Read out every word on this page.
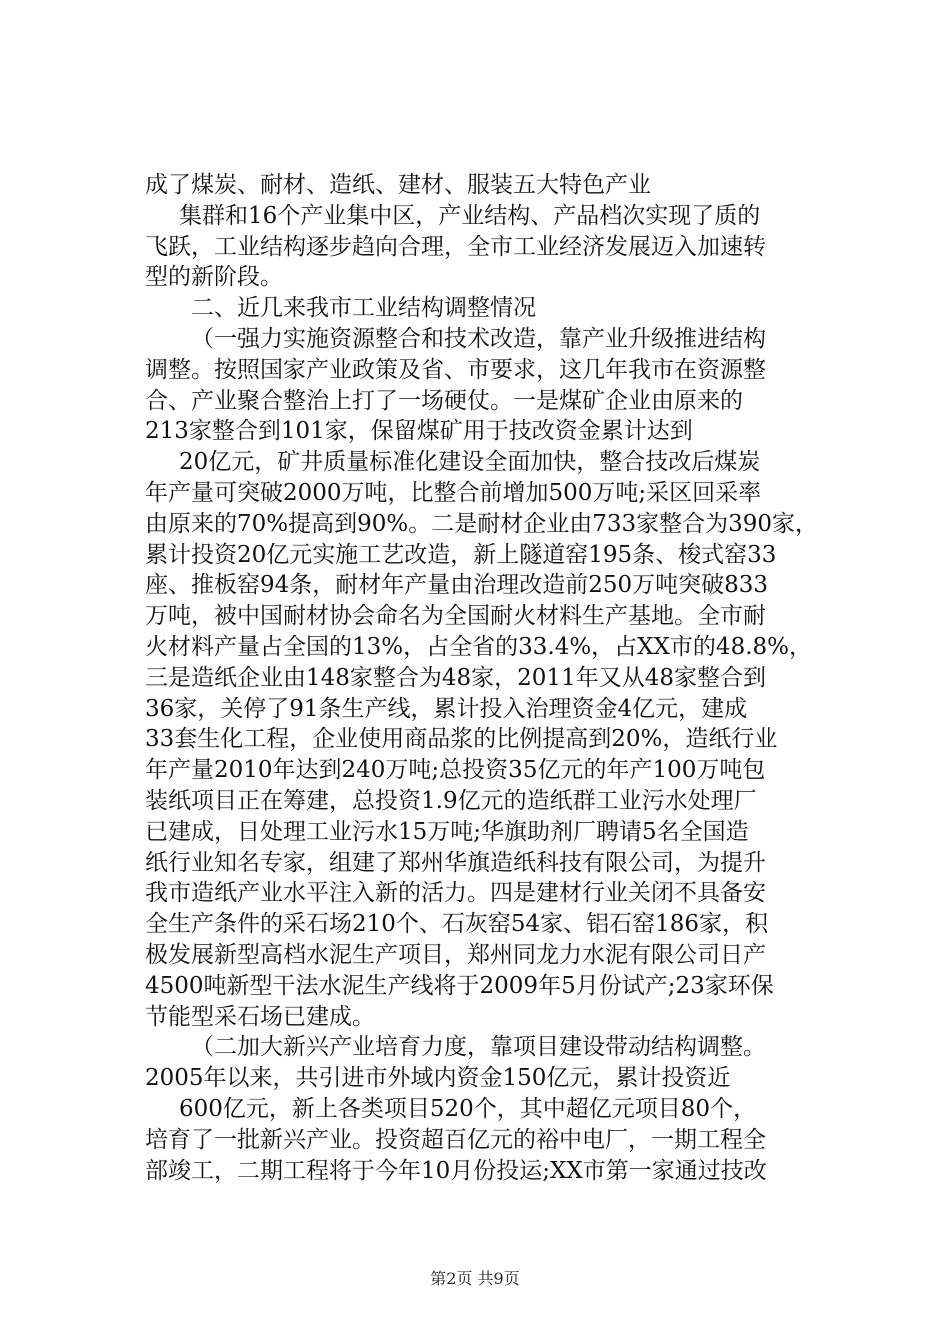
成了煤炭、耐材、造纸、建材、服装五大特色产业
集群和16个产业集中区，产业结构、产品档次实现了质的
飞跃，工业结构逐步趋向合理，全市工业经济发展迈入加速转
型的新阶段。
二、近几来我市工业结构调整情况
（一强力实施资源整合和技术改造，靠产业升级推进结构
调整。按照国家产业政策及省、市要求，这几年我市在资源整
合、产业聚合整治上打了一场硬仗。一是煤矿企业由原来的
213家整合到101家，保留煤矿用于技改资金累计达到
20亿元，矿井质量标准化建设全面加快，整合技改后煤炭
年产量可突破2000万吨，比整合前增加500万吨;采区回采率
由原来的70%提高到90%。二是耐材企业由733家整合为390家，
累计投资20亿元实施工艺改造，新上隧道窑195条、梭式窑33
座、推板窑94条，耐材年产量由治理改造前250万吨突破833
万吨，被中国耐材协会命名为全国耐火材料生产基地。全市耐
火材料产量占全国的13%，占全省的33.4%，占XX市的48.8%，
三是造纸企业由148家整合为48家，2011年又从48家整合到
36家，关停了91条生产线，累计投入治理资金4亿元，建成
33套生化工程，企业使用商品浆的比例提高到20%，造纸行业
年产量2010年达到240万吨;总投资35亿元的年产100万吨包
装纸项目正在筹建，总投资1.9亿元的造纸群工业污水处理厂
已建成，日处理工业污水15万吨;华旗助剂厂聘请5名全国造
纸行业知名专家，组建了郑州华旗造纸科技有限公司，为提升
我市造纸产业水平注入新的活力。四是建材行业关闭不具备安
全生产条件的采石场210个、石灰窑54家、铝石窑186家，积
极发展新型高档水泥生产项目，郑州同龙力水泥有限公司日产
4500吨新型干法水泥生产线将于2009年5月份试产;23家环保
节能型采石场已建成。
（二加大新兴产业培育力度，靠项目建设带动结构调整。
2005年以来，共引进市外域内资金150亿元，累计投资近
600亿元，新上各类项目520个，其中超亿元项目80个，
培育了一批新兴产业。投资超百亿元的裕中电厂，一期工程全
部竣工，二期工程将于今年10月份投运;XX市第一家通过技改
第2页 共9页
